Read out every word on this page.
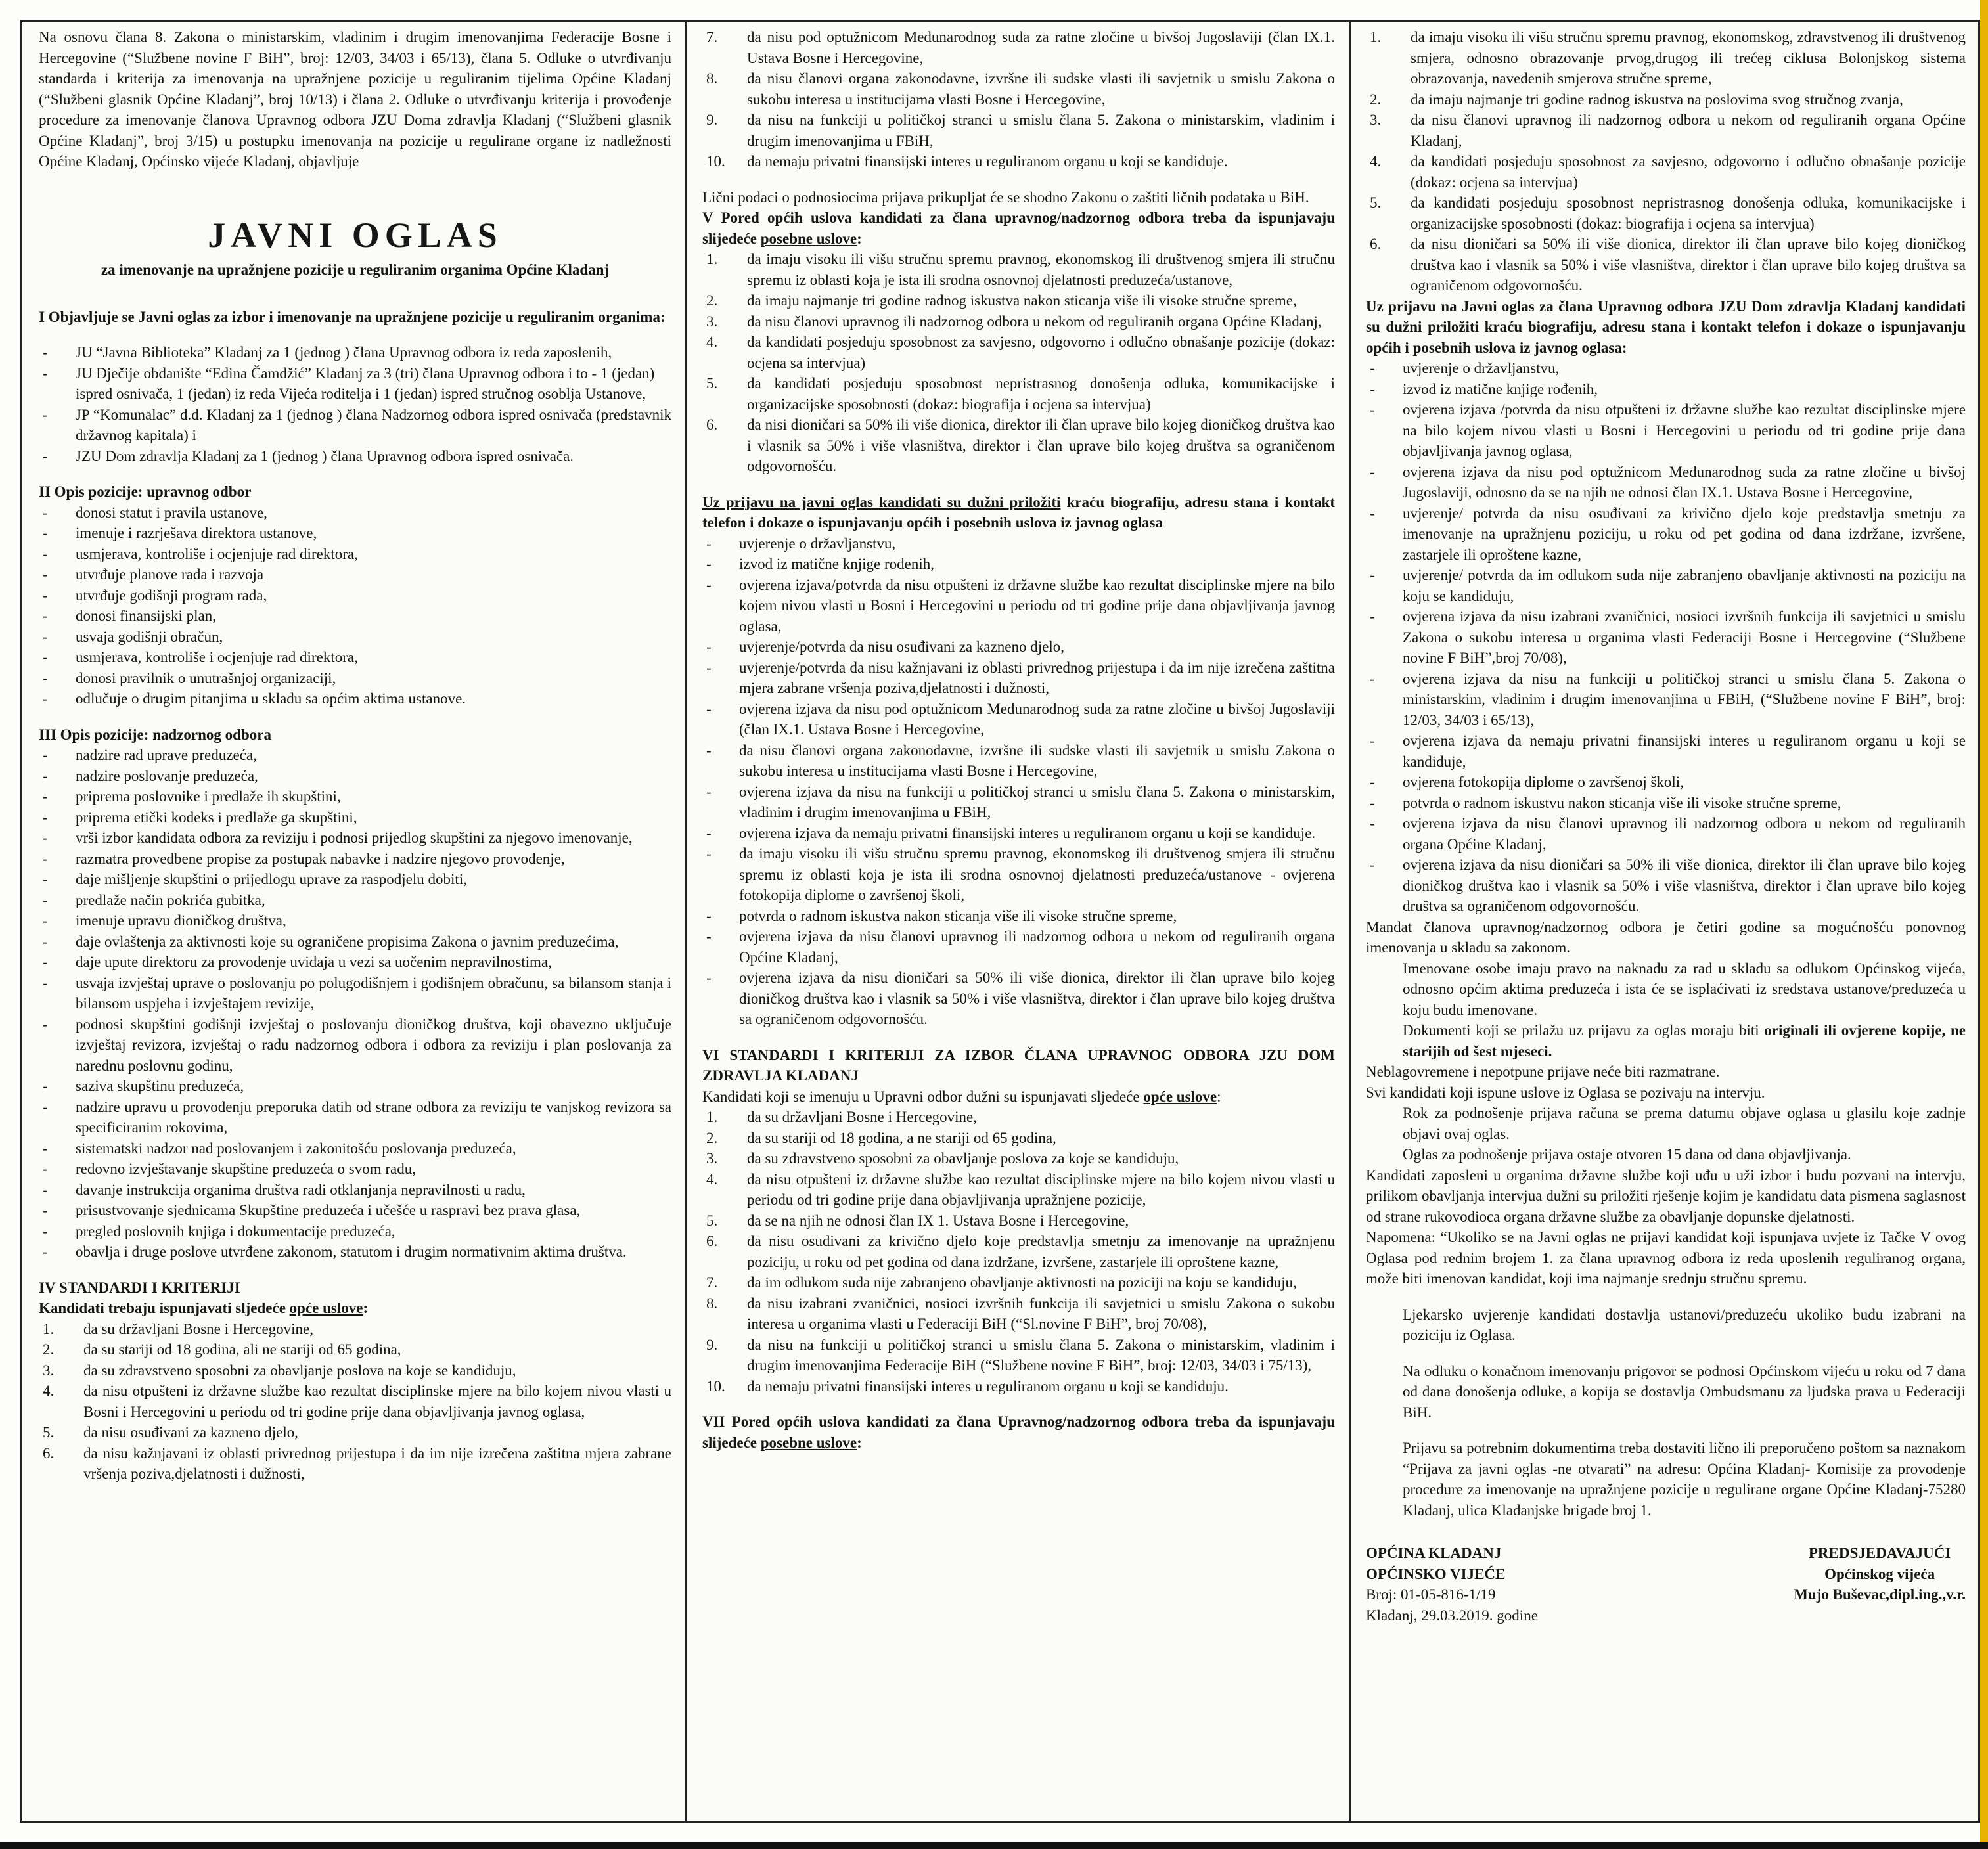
Na osnovu člana 8. Zakona o ministarskim, vladinim i drugim imenovanjima Federacije Bosne i Hercegovine (“Službene novine F BiH”, broj: 12/03, 34/03 i 65/13), člana 5. Odluke o utvrđivanju standarda i kriterija za imenovanja na upražnjene pozicije u reguliranim tijelima Općine Kladanj (“Službeni glasnik Općine Kladanj”, broj 10/13) i člana 2. Odluke o utvrđivanju kriterija i provođenje procedure za imenovanje članova Upravnog odbora JZU Doma zdravlja Kladanj (“Službeni glasnik Općine Kladanj”, broj 3/15) u postupku imenovanja na pozicije u regulirane organe iz nadležnosti Općine Kladanj, Općinsko vijeće Kladanj, objavljuje

JAVNI OGLAS
za imenovanje na upražnjene pozicije u reguliranim organima Općine Kladanj

I Objavljuje se Javni oglas za izbor i imenovanje na upražnjene pozicije u reguliranim organima:

- JU “Javna Biblioteka” Kladanj za 1 (jednog ) člana Upravnog odbora iz reda zaposlenih,
- JU Dječije obdanište “Edina Čamdžić” Kladanj za 3 (tri) člana Upravnog odbora i to - 1 (jedan)
ispred osnivača, 1 (jedan) iz reda Vijeća roditelja i 1 (jedan) ispred stručnog osoblja Ustanove,
- JP “Komunalac” d.d. Kladanj za 1 (jednog ) člana Nadzornog odbora ispred osnivača (predstavnik državnog kapitala) i
- JZU Dom zdravlja Kladanj za 1 (jednog ) člana Upravnog odbora ispred osnivača.

II Opis pozicije: upravnog odbor

- donosi statut i pravila ustanove,
- imenuje i razrješava direktora ustanove,
- usmjerava, kontroliše i ocjenjuje rad direktora,
- utvrđuje planove rada i razvoja
- utvrđuje godišnji program rada,
- donosi finansijski plan,
- usvaja godišnji obračun,
- usmjerava, kontroliše i ocjenjuje rad direktora,
- donosi pravilnik o unutrašnjoj organizaciji,
- odlučuje o drugim pitanjima u skladu sa općim aktima ustanove.

III Opis pozicije: nadzornog odbora

- nadzire rad uprave preduzeća,
- nadzire poslovanje preduzeća,
- priprema poslovnike i predlaže ih skupštini,
- priprema etički kodeks i predlaže ga skupštini,
- vrši izbor kandidata odbora za reviziju i podnosi prijedlog skupštini za njegovo imenovanje,
- razmatra provedbene propise za postupak nabavke i nadzire njegovo provođenje,
- daje mišljenje skupštini o prijedlogu uprave za raspodjelu dobiti,
- predlaže način pokrića gubitka,
- imenuje upravu dioničkog društva,
- daje ovlaštenja za aktivnosti koje su ograničene propisima Zakona o javnim preduzećima,
- daje upute direktoru za provođenje uviđaja u vezi sa uočenim nepravilnostima,
- usvaja izvještaj uprave o poslovanju po polugodišnjem i godišnjem obračunu, sa bilansom stanja i bilansom uspjeha i izvještajem revizije,
- podnosi skupštini godišnji izvještaj o poslovanju dioničkog društva, koji obavezno uključuje izvještaj revizora, izvještaj o radu nadzornog odbora i odbora za reviziju i plan poslovanja za narednu poslovnu godinu,
- saziva skupštinu preduzeća,
- nadzire upravu u provođenju preporuka datih od strane odbora za reviziju te vanjskog revizora sa specificiranim rokovima,
- sistematski nadzor nad poslovanjem i zakonitošću poslovanja preduzeća,
- redovno izvještavanje skupštine preduzeća o svom radu,
- davanje instrukcija organima društva radi otklanjanja nepravilnosti u radu,
- prisustvovanje sjednicama Skupštine preduzeća i učešće u raspravi bez prava glasa,
- pregled poslovnih knjiga i dokumentacije preduzeća,
- obavlja i druge poslove utvrđene zakonom, statutom i drugim normativnim aktima društva.

IV STANDARDI I KRITERIJI

Kandidati trebaju ispunjavati sljedeće opće uslove:

1. da su državljani Bosne i Hercegovine,
2. da su stariji od 18 godina, ali ne stariji od 65 godina,
3. da su zdravstveno sposobni za obavljanje poslova na koje se kandiduju,
4. da nisu otpušteni iz državne službe kao rezultat disciplinske mjere na bilo kojem nivou vlasti u Bosni i Hercegovini u periodu od tri godine prije dana objavljivanja javnog oglasa,
5. da nisu osuđivani za kazneno djelo,
6. da nisu kažnjavani iz oblasti privrednog prijestupa i da im nije izrečena zaštitna mjera zabrane vršenja poziva,djelatnosti i dužnosti,
7. da nisu pod optužnicom Međunarodnog suda za ratne zločine u bivšoj Jugoslaviji (član IX.1. Ustava Bosne i Hercegovine,
8. da nisu članovi organa zakonodavne, izvršne ili sudske vlasti ili savjetnik u smislu Zakona o sukobu interesa u institucijama vlasti Bosne i Hercegovine,
9. da nisu na funkciji u političkoj stranci u smislu člana 5. Zakona o ministarskim, vladinim i drugim imenovanjima u FBiH,
10. da nemaju privatni finansijski interes u reguliranom organu u koji se kandiduje.

Lični podaci o podnosiocima prijava prikupljat će se shodno Zakonu o zaštiti ličnih podataka u BiH.

V Pored općih uslova kandidati za člana upravnog/nadzornog odbora treba da ispunjavaju slijedeće posebne uslove:

1. da imaju visoku ili višu stručnu spremu pravnog, ekonomskog ili društvenog smjera ili stručnu spremu iz oblasti koja je ista ili srodna osnovnoj djelatnosti preduzeća/ustanove,
2. da imaju najmanje tri godine radnog iskustva nakon sticanja više ili visoke stručne spreme,
3. da nisu članovi upravnog ili nadzornog odbora u nekom od reguliranih organa Općine Kladanj,
4. da kandidati posjeduju sposobnost za savjesno, odgovorno i odlučno obnašanje pozicije (dokaz: ocjena sa intervjua)
5. da kandidati posjeduju sposobnost nepristrasnog donošenja odluka, komunikacijske i organizacijske sposobnosti (dokaz: biografija i ocjena sa intervjua)
6. da nisi dioničari sa 50% ili više dionica, direktor ili član uprave bilo kojeg dioničkog društva kao i vlasnik sa 50% i više vlasništva, direktor i član uprave bilo kojeg društva sa ograničenom odgovornošću.

Uz prijavu na javni oglas kandidati su dužni priložiti kraću biografiju, adresu stana i kontakt telefon i dokaze o ispunjavanju općih i posebnih uslova iz javnog oglasa

- uvjerenje o državljanstvu,
- izvod iz matične knjige rođenih,
- ovjerena izjava/potvrda da nisu otpušteni iz državne službe kao rezultat disciplinske mjere na bilo kojem nivou vlasti u Bosni i Hercegovini u periodu od tri godine prije dana objavljivanja javnog oglasa,
- uvjerenje/potvrda da nisu osuđivani za kazneno djelo,
- uvjerenje/potvrda da nisu kažnjavani iz oblasti privrednog prijestupa i da im nije izrečena zaštitna mjera zabrane vršenja poziva,djelatnosti i dužnosti,
- ovjerena izjava da nisu pod optužnicom Međunarodnog suda za ratne zločine u bivšoj Jugoslaviji (član IX.1. Ustava Bosne i Hercegovine,
- da nisu članovi organa zakonodavne, izvršne ili sudske vlasti ili savjetnik u smislu Zakona o sukobu interesa u institucijama vlasti Bosne i Hercegovine,
- ovjerena izjava da nisu na funkciji u političkoj stranci u smislu člana 5. Zakona o ministarskim, vladinim i drugim imenovanjima u FBiH,
- ovjerena izjava da nemaju privatni finansijski interes u reguliranom organu u koji se kandiduje.
- da imaju visoku ili višu stručnu spremu pravnog, ekonomskog ili društvenog smjera ili stručnu spremu iz oblasti koja je ista ili srodna osnovnoj djelatnosti preduzeća/ustanove - ovjerena fotokopija diplome o završenoj školi,
- potvrda o radnom iskustva nakon sticanja više ili visoke stručne spreme,
- ovjerena izjava da nisu članovi upravnog ili nadzornog odbora u nekom od reguliranih organa Općine Kladanj,
- ovjerena izjava da nisu dioničari sa 50% ili više dionica, direktor ili član uprave bilo kojeg dioničkog društva kao i vlasnik sa 50% i više vlasništva, direktor i član uprave bilo kojeg društva sa ograničenom odgovornošću.

VI STANDARDI I KRITERIJI ZA IZBOR ČLANA UPRAVNOG ODBORA JZU DOM ZDRAVLJA KLADANJ

Kandidati koji se imenuju u Upravni odbor dužni su ispunjavati sljedeće opće uslove:

1. da su državljani Bosne i Hercegovine,
2. da su stariji od 18 godina, a ne stariji od 65 godina,
3. da su zdravstveno sposobni za obavljanje poslova za koje se kandiduju,
4. da nisu otpušteni iz državne službe kao rezultat disciplinske mjere na bilo kojem nivou vlasti u periodu od tri godine prije dana objavljivanja upražnjene pozicije,
5. da se na njih ne odnosi član IX 1. Ustava Bosne i Hercegovine,
6. da nisu osuđivani za krivično djelo koje predstavlja smetnju za imenovanje na upražnjenu poziciju, u roku od pet godina od dana izdržane, izvršene, zastarjele ili oproštene kazne,
7. da im odlukom suda nije zabranjeno obavljanje aktivnosti na poziciji na koju se kandiduju,
8. da nisu izabrani zvaničnici, nosioci izvršnih funkcija ili savjetnici u smislu Zakona o sukobu interesa u organima vlasti u Federaciji BiH (“Sl.novine F BiH”, broj 70/08),
9. da nisu na funkciji u političkoj stranci u smislu člana 5. Zakona o ministarskim, vladinim i drugim imenovanjima Federacije BiH (“Službene novine F BiH”, broj: 12/03, 34/03 i 75/13),
10. da nemaju privatni finansijski interes u reguliranom organu u koji se kandiduju.

VII Pored općih uslova kandidati za člana Upravnog/nadzornog odbora treba da ispunjavaju slijedeće posebne uslove:

1. da imaju visoku ili višu stručnu spremu pravnog, ekonomskog, zdravstvenog ili društvenog smjera, odnosno obrazovanje prvog,drugog ili trećeg ciklusa Bolonjskog sistema obrazovanja, navedenih smjerova stručne spreme,
2. da imaju najmanje tri godine radnog iskustva na poslovima svog stručnog zvanja,
3. da nisu članovi upravnog ili nadzornog odbora u nekom od reguliranih organa Općine Kladanj,
4. da kandidati posjeduju sposobnost za savjesno, odgovorno i odlučno obnašanje pozicije (dokaz: ocjena sa intervjua)
5. da kandidati posjeduju sposobnost nepristrasnog donošenja odluka, komunikacijske i organizacijske sposobnosti (dokaz: biografija i ocjena sa intervjua)
6. da nisu dioničari sa 50% ili više dionica, direktor ili član uprave bilo kojeg dioničkog društva kao i vlasnik sa 50% i više vlasništva, direktor i član uprave bilo kojeg društva sa ograničenom odgovornošću.

Uz prijavu na Javni oglas za člana Upravnog odbora JZU Dom zdravlja Kladanj kandidati su dužni priložiti kraću biografiju, adresu stana i kontakt telefon i dokaze o ispunjavanju općih i posebnih uslova iz javnog oglasa:

- uvjerenje o državljanstvu,
- izvod iz matične knjige rođenih,
- ovjerena izjava /potvrda da nisu otpušteni iz državne službe kao rezultat disciplinske mjere na bilo kojem nivou vlasti u Bosni i Hercegovini u periodu od tri godine prije dana objavljivanja javnog oglasa,
- ovjerena izjava da nisu pod optužnicom Međunarodnog suda za ratne zločine u bivšoj Jugoslaviji, odnosno da se na njih ne odnosi član IX.1. Ustava Bosne i Hercegovine,
- uvjerenje/ potvrda da nisu osuđivani za krivično djelo koje predstavlja smetnju za imenovanje na upražnjenu poziciju, u roku od pet godina od dana izdržane, izvršene, zastarjele ili oproštene kazne,
- uvjerenje/ potvrda da im odlukom suda nije zabranjeno obavljanje aktivnosti na poziciju na koju se kandiduju,
- ovjerena izjava da nisu izabrani zvaničnici, nosioci izvršnih funkcija ili savjetnici u smislu Zakona o sukobu interesa u organima vlasti Federaciji Bosne i Hercegovine (“Službene novine F BiH”,broj 70/08),
- ovjerena izjava da nisu na funkciji u političkoj stranci u smislu člana 5. Zakona o ministarskim, vladinim i drugim imenovanjima u FBiH, (“Službene novine F BiH”, broj: 12/03, 34/03 i 65/13),
- ovjerena izjava da nemaju privatni finansijski interes u reguliranom organu u koji se kandiduje,
- ovjerena fotokopija diplome o završenoj školi,
- potvrda o radnom iskustvu nakon sticanja više ili visoke stručne spreme,
- ovjerena izjava da nisu članovi upravnog ili nadzornog odbora u nekom od reguliranih organa Općine Kladanj,
- ovjerena izjava da nisu dioničari sa 50% ili više dionica, direktor ili član uprave bilo kojeg dioničkog društva kao i vlasnik sa 50% i više vlasništva, direktor i član uprave bilo kojeg društva sa ograničenom odgovornošću.

Mandat članova upravnog/nadzornog odbora je četiri godine sa mogućnošću ponovnog imenovanja u skladu sa zakonom.

Imenovane osobe imaju pravo na naknadu za rad u skladu sa odlukom Općinskog vijeća, odnosno općim aktima preduzeća i ista će se isplaćivati iz sredstava ustanove/preduzeća u koju budu imenovane.

Dokumenti koji se prilažu uz prijavu za oglas moraju biti originali ili ovjerene kopije, ne starijih od šest mjeseci.

Neblagovremene i nepotpune prijave neće biti razmatrane.

Svi kandidati koji ispune uslove iz Oglasa se pozivaju na intervju.

Rok za podnošenje prijava računa se prema datumu objave oglasa u glasilu koje zadnje objavi ovaj oglas.

Oglas za podnošenje prijava ostaje otvoren 15 dana od dana objavljivanja.

Kandidati zaposleni u organima državne službe koji uđu u uži izbor i budu pozvani na intervju, prilikom obavljanja intervjua dužni su priložiti rješenje kojim je kandidatu data pismena saglasnost od strane rukovodioca organa državne službe za obavljanje dopunske djelatnosti.

Napomena: “Ukoliko se na Javni oglas ne prijavi kandidat koji ispunjava uvjete iz Tačke V ovog Oglasa pod rednim brojem 1. za člana upravnog odbora iz reda uposlenih reguliranog organa, može biti imenovan kandidat, koji ima najmanje srednju stručnu spremu.

Ljekarsko uvjerenje kandidati dostavlja ustanovi/preduzeću ukoliko budu izabrani na poziciju iz Oglasa.

Na odluku o konačnom imenovanju prigovor se podnosi Općinskom vijeću u roku od 7 dana od dana donošenja odluke, a kopija se dostavlja Ombudsmanu za ljudska prava u Federaciji BiH.

Prijavu sa potrebnim dokumentima treba dostaviti lično ili preporučeno poštom sa naznakom “Prijava za javni oglas -ne otvarati” na adresu: Općina Kladanj- Komisije za provođenje procedure za imenovanje na upražnjene pozicije u regulirane organe Općine Kladanj-75280 Kladanj, ulica Kladanjske brigade broj 1.

OPĆINA KLADANJ
OPĆINSKO VIJEĆE
Broj: 01-05-816-1/19
Kladanj, 29.03.2019. godine
PREDSJEDAVAJUĆI
Općinskog vijeća
Mujo Buševac,dipl.ing.,v.r.
